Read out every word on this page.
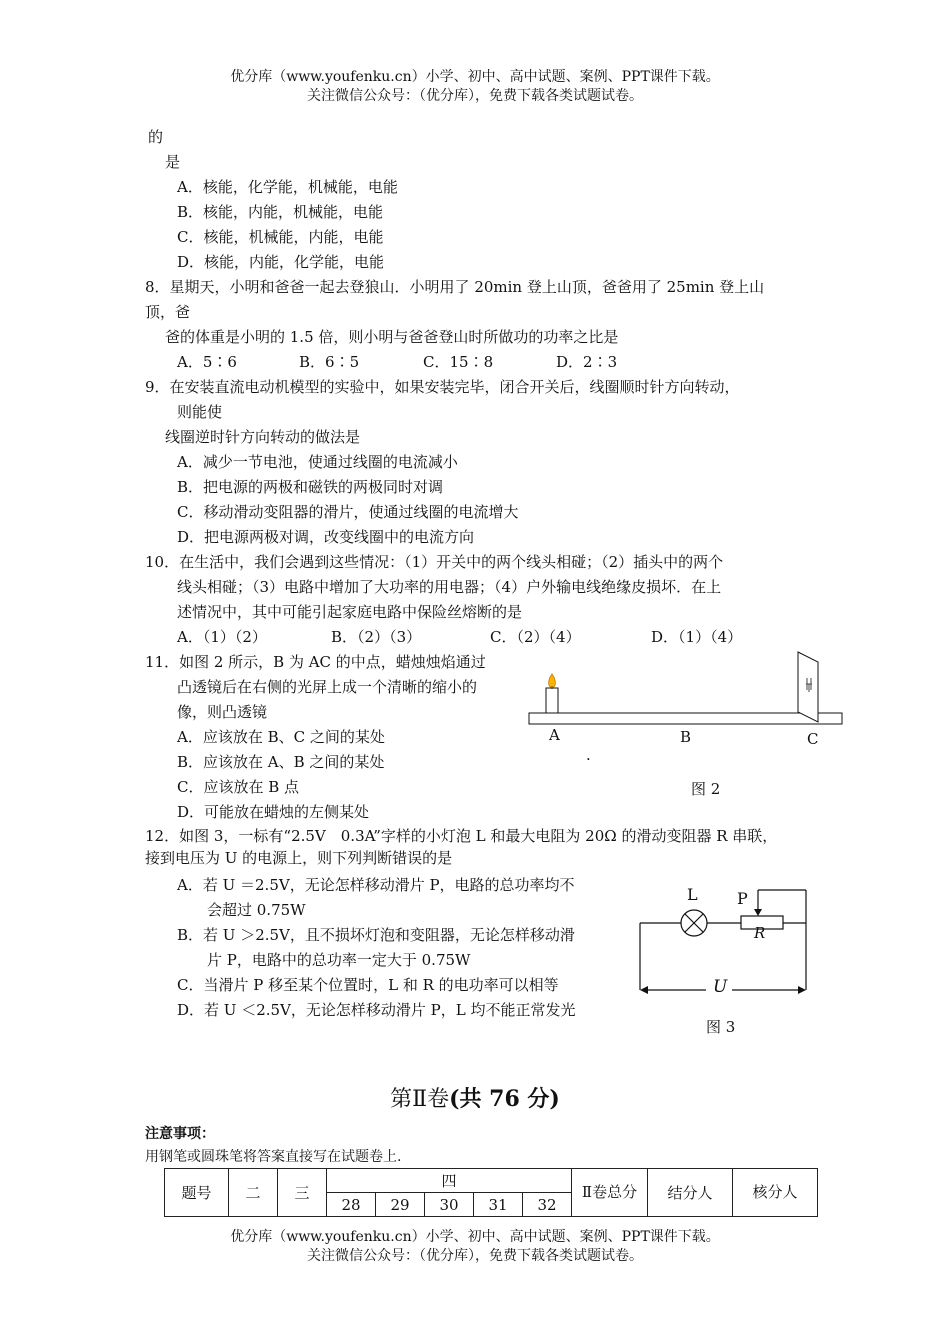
优分库（www.youfenku.cn）小学、初中、高中试题、案例、PPT课件下载。
关注微信公众号：（优分库），免费下载各类试题试卷。
的
是
A．核能，化学能，机械能，电能
B．核能，内能，机械能，电能
C．核能，机械能，内能，电能
D．核能，内能，化学能，电能
8．星期天，小明和爸爸一起去登狼山．小明用了 20min 登上山顶，爸爸用了 25min 登上山
顶，爸
爸的体重是小明的 1.5 倍，则小明与爸爸登山时所做功的功率之比是
A．5∶6	B．6∶5	C．15∶8	D．2∶3
9．在安装直流电动机模型的实验中，如果安装完毕，闭合开关后，线圈顺时针方向转动，
则能使
线圈逆时针方向转动的做法是
A．减少一节电池，使通过线圈的电流减小
B．把电源的两极和磁铁的两极同时对调
C．移动滑动变阻器的滑片，使通过线圈的电流增大
D．把电源两极对调，改变线圈中的电流方向
10．在生活中，我们会遇到这些情况：（1）开关中的两个线头相碰；（2）插头中的两个
线头相碰；（3）电路中增加了大功率的用电器；（4）户外输电线绝缘皮损坏．在上
述情况中，其中可能引起家庭电路中保险丝熔断的是
A．（1）（2）	B．（2）（3）	C．（2）（4）	D．（1）（4）
11．如图 2 所示，B 为 AC 的中点，蜡烛烛焰通过
凸透镜后在右侧的光屏上成一个清晰的缩小的
像，则凸透镜
A．应该放在 B、C 之间的某处
B．应该放在 A、B 之间的某处
C．应该放在 B 点
D．可能放在蜡烛的左侧某处
A	B	C
·
图 2
12．如图 3，一标有“2.5V　0.3A”字样的小灯泡 L 和最大电阻为 20Ω 的滑动变阻器 R 串联，
接到电压为 U 的电源上，则下列判断错误的是
A．若 U ＝2.5V，无论怎样移动滑片 P，电路的总功率均不
会超过 0.75W
B．若 U ＞2.5V，且不损坏灯泡和变阻器，无论怎样移动滑
片 P，电路中的总功率一定大于 0.75W
C．当滑片 P 移至某个位置时，L 和 R 的电功率可以相等
D．若 U ＜2.5V，无论怎样移动滑片 P，L 均不能正常发光
L P
R
U
图 3
第Ⅱ卷(共 76 分)
注意事项：
用钢笔或圆珠笔将答案直接写在试题卷上.
题号	二	三	四					Ⅱ卷总分	结分人	核分人
			28	29	30	31	32			
优分库（www.youfenku.cn）小学、初中、高中试题、案例、PPT课件下载。
关注微信公众号：（优分库），免费下载各类试题试卷。
